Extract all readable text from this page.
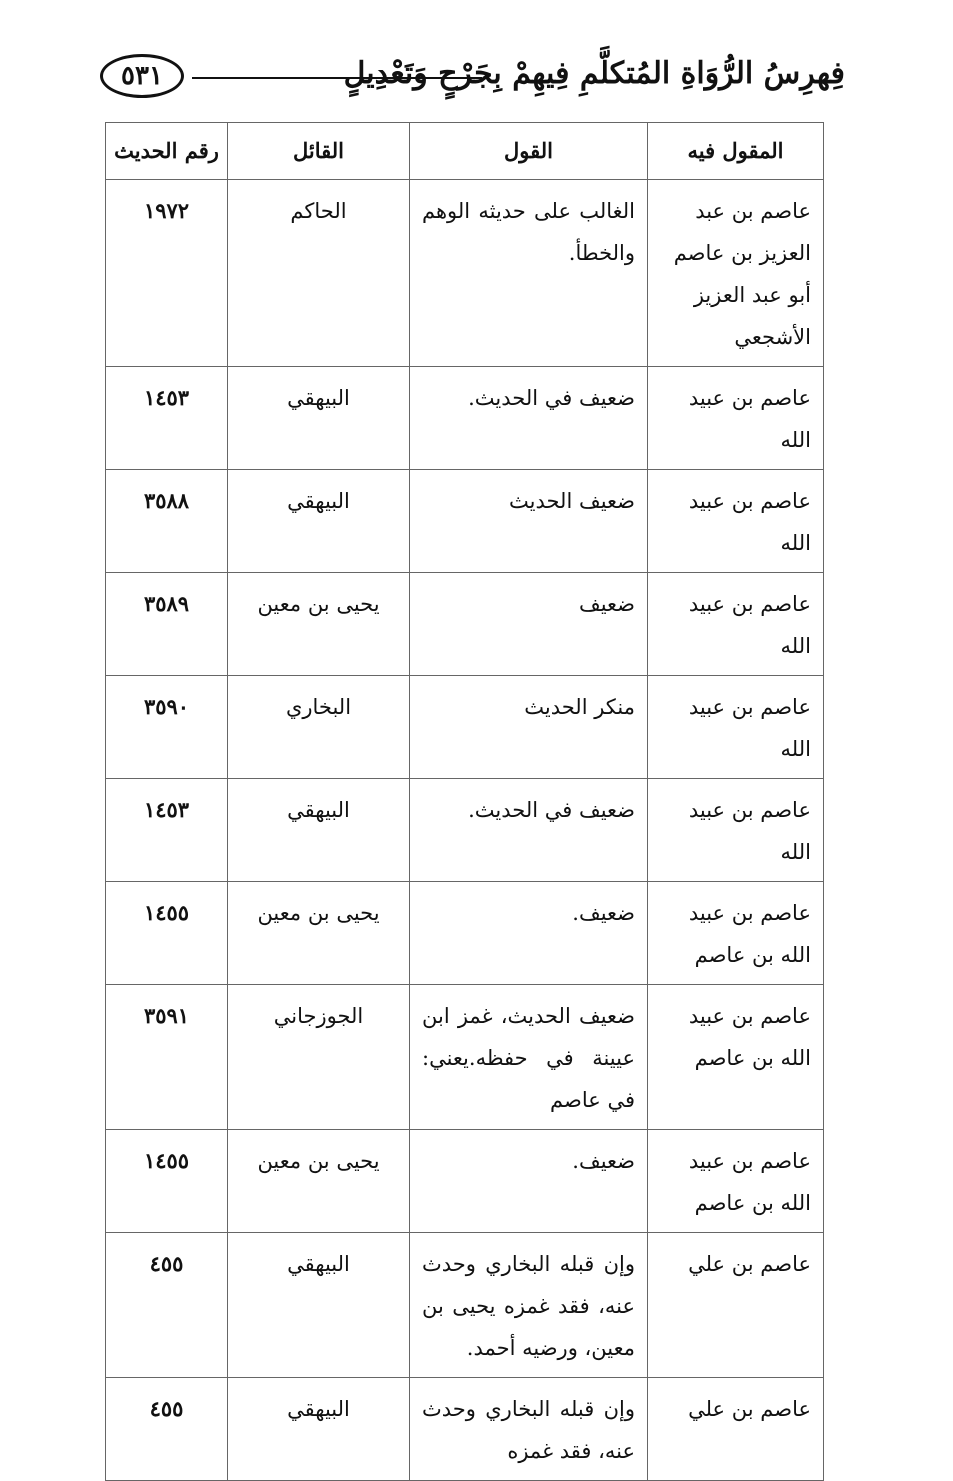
٥٣١	فِهرِسُ الرُّوَاةِ المُتكلَّمِ فِيهِمْ بِجَرْحٍ وَتَعْدِيلٍ
المقول فيه	القول	القائل	رقم الحديث
عاصم بن عبد العزيز بن عاصم أبو عبد العزيز الأشجعي	الغالب على حديثه الوهم والخطأ.	الحاكم	١٩٧٢
عاصم بن عبيد الله	ضعيف في الحديث.	البيهقي	١٤٥٣
عاصم بن عبيد الله	ضعيف الحديث	البيهقي	٣٥٨٨
عاصم بن عبيد الله	ضعيف	يحيى بن معين	٣٥٨٩
عاصم بن عبيد الله	منكر الحديث	البخاري	٣٥٩٠
عاصم بن عبيد الله	ضعيف في الحديث.	البيهقي	١٤٥٣
عاصم بن عبيد الله بن عاصم	ضعيف.	يحيى بن معين	١٤٥٥
عاصم بن عبيد الله بن عاصم	ضعيف الحديث، غمز ابن عيينة في حفظه.يعني: في عاصم	الجوزجاني	٣٥٩١
عاصم بن عبيد الله بن عاصم	ضعيف.	يحيى بن معين	١٤٥٥
عاصم بن علي	وإن قبله البخاري وحدث عنه، فقد غمزه يحيى بن معين، ورضيه أحمد.	البيهقي	٤٥٥
عاصم بن علي	وإن قبله البخاري وحدث عنه، فقد غمزه	البيهقي	٤٥٥
